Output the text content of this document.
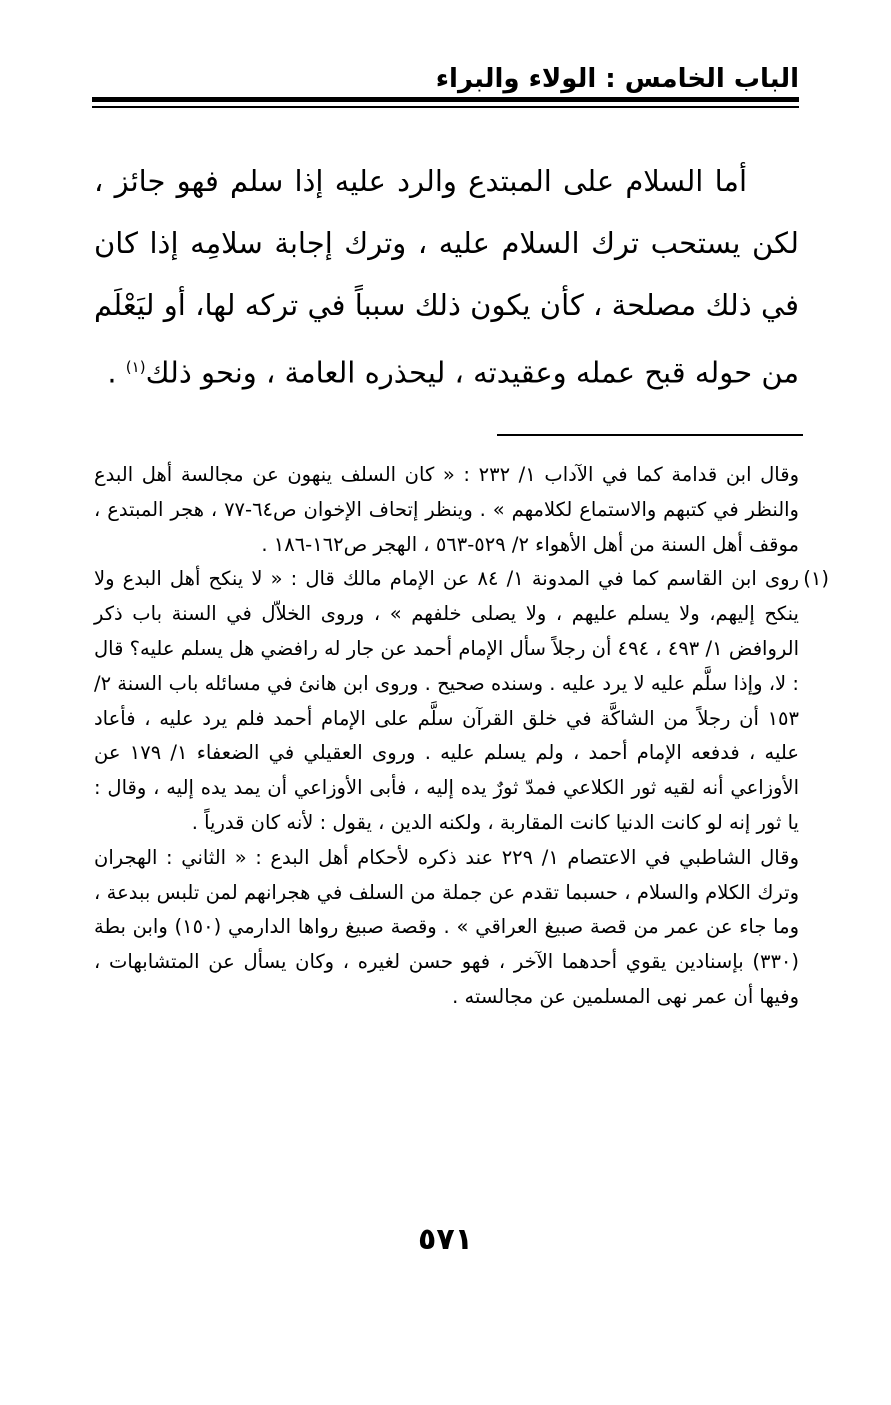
الباب الخامس : الولاء والبراء
أما السلام على المبتدع والرد عليه إذا سلم فهو جائز ، لكن يستحب ترك السلام عليه ، وترك إجابة سلامِه إذا كان في ذلك مصلحة ، كأن يكون ذلك سبباً في تركه لها، أو ليَعْلَم من حوله قبح عمله وعقيدته ، ليحذره العامة ، ونحو ذلك$^{(١)}$ .

وقال ابن قدامة كما في الآداب ١/ ٢٣٢ : « كان السلف ينهون عن مجالسة أهل البدع والنظر في كتبهم والاستماع لكلامهم » . وينظر إتحاف الإخوان ص٦٤-٧٧ ، هجر المبتدع ، موقف أهل السنة من أهل الأهواء ٢/ ٥٢٩-٥٦٣ ، الهجر ص١٦٢-١٨٦ .

(١)
روى ابن القاسم كما في المدونة ١/ ٨٤ عن الإمام مالك قال : « لا ينكح أهل البدع ولا ينكح إليهم، ولا يسلم عليهم ، ولا يصلى خلفهم » ، وروى الخلاّل في السنة باب ذكر الروافض ١/ ٤٩٣ ، ٤٩٤ أن رجلاً سأل الإمام أحمد عن جار له رافضي هل يسلم عليه؟ قال : لا، وإذا سلَّم عليه لا يرد عليه . وسنده صحيح . وروى ابن هانئ في مسائله باب السنة ٢/ ١٥٣ أن رجلاً من الشاكَّة في خلق القرآن سلَّم على الإمام أحمد فلم يرد عليه ، فأعاد عليه ، فدفعه الإمام أحمد ، ولم يسلم عليه . وروى العقيلي في الضعفاء ١/ ١٧٩ عن الأوزاعي أنه لقيه ثور الكلاعي فمدّ ثورٌ يده إليه ، فأبى الأوزاعي أن يمد يده إليه ، وقال : يا ثور إنه لو كانت الدنيا كانت المقاربة ، ولكنه الدين ، يقول : لأنه كان قدرياً .

وقال الشاطبي في الاعتصام ١/ ٢٢٩ عند ذكره لأحكام أهل البدع : « الثاني : الهجران وترك الكلام والسلام ، حسبما تقدم عن جملة من السلف في هجرانهم لمن تلبس ببدعة ، وما جاء عن عمر من قصة صبيغ العراقي » . وقصة صبيغ رواها الدارمي (١٥٠) وابن بطة (٣٣٠) بإسنادين يقوي أحدهما الآخر ، فهو حسن لغيره ، وكان يسأل عن المتشابهات ، وفيها أن عمر نهى المسلمين عن مجالسته .

٥٧١
